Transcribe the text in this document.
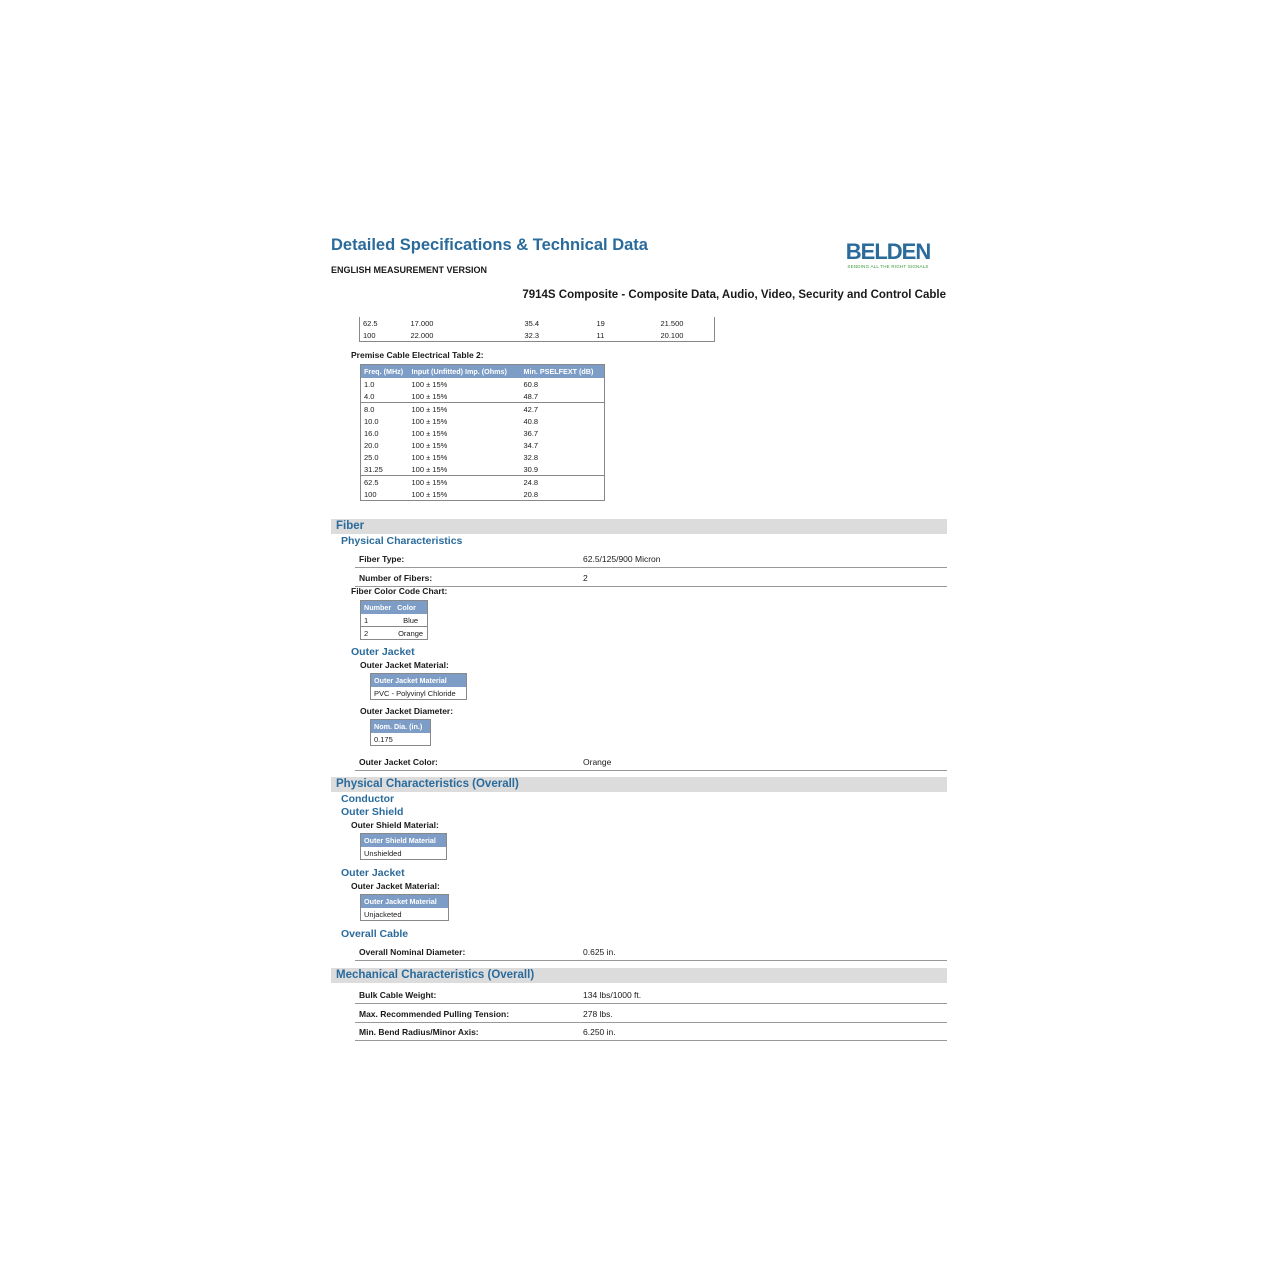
Detailed Specifications & Technical Data
ENGLISH MEASUREMENT VERSION
BELDEN
SENDING ALL THE RIGHT SIGNALS
7914S Composite - Composite Data, Audio, Video, Security and Control Cable
62.5	17.000	35.4	19	21.500
100	22.000	32.3	11	20.100
Premise Cable Electrical Table 2:
Freq. (MHz)	Input (Unfitted) Imp. (Ohms)	Min. PSELFEXT (dB)
1.0	100 ± 15%	60.8
4.0	100 ± 15%	48.7
8.0	100 ± 15%	42.7
10.0	100 ± 15%	40.8
16.0	100 ± 15%	36.7
20.0	100 ± 15%	34.7
25.0	100 ± 15%	32.8
31.25	100 ± 15%	30.9
62.5	100 ± 15%	24.8
100	100 ± 15%	20.8
Fiber
Physical Characteristics
Fiber Type:	62.5/125/900 Micron
Number of Fibers:	2
Fiber Color Code Chart:
Number	Color
1	Blue
2	Orange
Outer Jacket
Outer Jacket Material:
Outer Jacket Material
PVC - Polyvinyl Chloride
Outer Jacket Diameter:
Nom. Dia. (in.)
0.175
Outer Jacket Color:	Orange
Physical Characteristics (Overall)
Conductor
Outer Shield
Outer Shield Material:
Outer Shield Material
Unshielded
Outer Jacket
Outer Jacket Material:
Outer Jacket Material
Unjacketed
Overall Cable
Overall Nominal Diameter:	0.625 in.
Mechanical Characteristics (Overall)
Bulk Cable Weight:	134 lbs/1000 ft.
Max. Recommended Pulling Tension:	278 lbs.
Min. Bend Radius/Minor Axis:	6.250 in.
